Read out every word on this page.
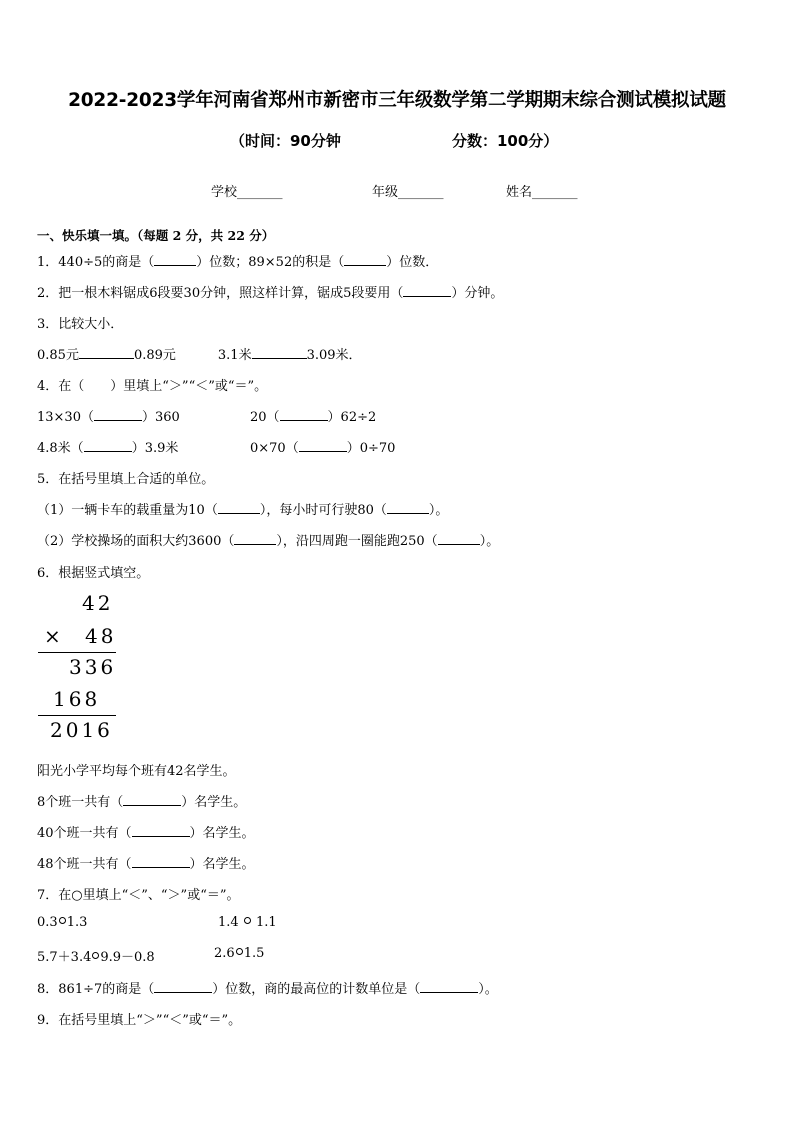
2022-2023学年河南省郑州市新密市三年级数学第二学期期末综合测试模拟试题
（时间：90分钟	分数：100分）
学校_______	年级_______	姓名_______
一、快乐填一填。（每题 2 分，共 22 分）
1．440÷5的商是（	）位数；89×52的积是（	）位数．
2．把一根木料锯成6段要30分钟，照这样计算，锯成5段要用（	）分钟。
3．比较大小．
0.85元	0.89元	3.1米	3.09米．
4．在（　　）里填上“＞”“＜”或“＝”。
13×30（	）360	20（	）62÷2
4.8米（	）3.9米	0×70（	）0÷70
5．在括号里填上合适的单位。
（1）一辆卡车的载重量为10（	），每小时可行驶80（	）。
（2）学校操场的面积大约3600（	），沿四周跑一圈能跑250（	）。
6．根据竖式填空。
42
× 48
336
168
2016
阳光小学平均每个班有42名学生。
8个班一共有（	）名学生。
40个班一共有（	）名学生。
48个班一共有（	）名学生。
7．在○里填上“＜”、“＞”或“＝”。
0.3 1.3	1.4 1.1
5.7＋3.4 9.9－0.8	2.6 1.5
8．861÷7的商是（	）位数，商的最高位的计数单位是（	）。
9．在括号里填上“＞”“＜”或“＝”。
